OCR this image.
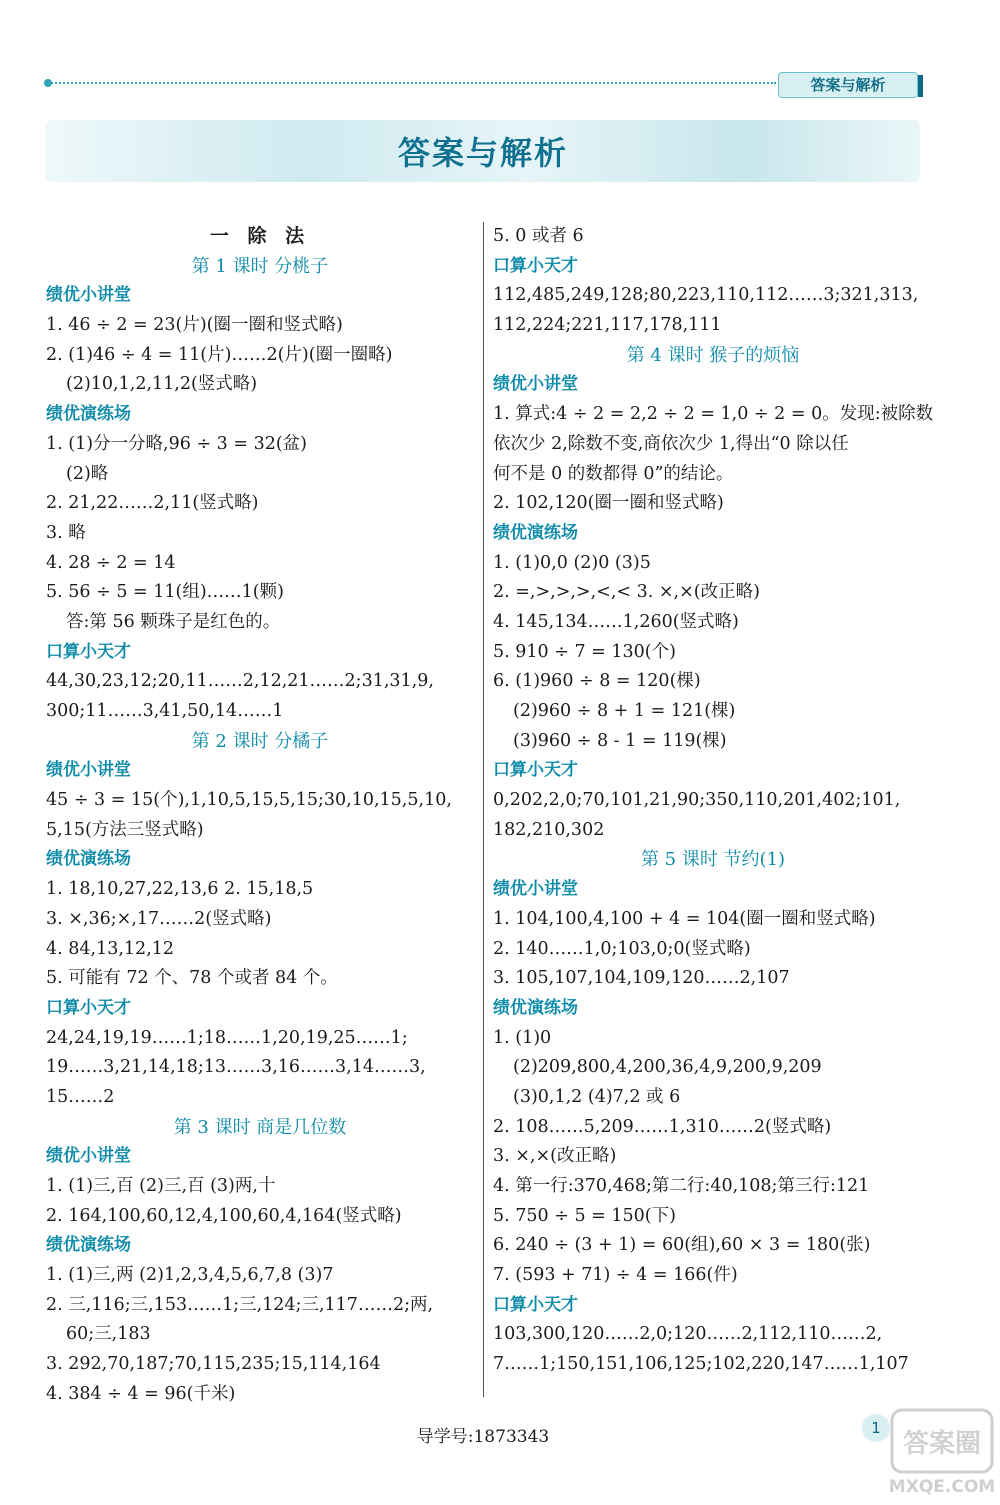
答案与解析
答案与解析
一 除 法
第 1 课时 分桃子
绩优小讲堂
1. 46 ÷ 2 = 23(片)(圈一圈和竖式略)
2. (1)46 ÷ 4 = 11(片)……2(片)(圈一圈略)
(2)10,1,2,11,2(竖式略)
绩优演练场
1. (1)分一分略,96 ÷ 3 = 32(盆)
(2)略
2. 21,22……2,11(竖式略)
3. 略
4. 28 ÷ 2 = 14
5. 56 ÷ 5 = 11(组)……1(颗)
答:第 56 颗珠子是红色的。
口算小天才
44,30,23,12;20,11……2,12,21……2;31,31,9,
300;11……3,41,50,14……1
第 2 课时 分橘子
绩优小讲堂
45 ÷ 3 = 15(个),1,10,5,15,5,15;30,10,15,5,10,
5,15(方法三竖式略)
绩优演练场
1. 18,10,27,22,13,6 2. 15,18,5
3. ×,36;×,17……2(竖式略)
4. 84,13,12,12
5. 可能有 72 个、78 个或者 84 个。
口算小天才
24,24,19,19……1;18……1,20,19,25……1;
19……3,21,14,18;13……3,16……3,14……3,
15……2
第 3 课时 商是几位数
绩优小讲堂
1. (1)三,百 (2)三,百 (3)两,十
2. 164,100,60,12,4,100,60,4,164(竖式略)
绩优演练场
1. (1)三,两 (2)1,2,3,4,5,6,7,8 (3)7
2. 三,116;三,153……1;三,124;三,117……2;两,
60;三,183
3. 292,70,187;70,115,235;15,114,164
4. 384 ÷ 4 = 96(千米)
5. 0 或者 6
口算小天才
112,485,249,128;80,223,110,112……3;321,313,
112,224;221,117,178,111
第 4 课时 猴子的烦恼
绩优小讲堂
1. 算式:4 ÷ 2 = 2,2 ÷ 2 = 1,0 ÷ 2 = 0。发现:被除数
依次少 2,除数不变,商依次少 1,得出“0 除以任
何不是 0 的数都得 0”的结论。
2. 102,120(圈一圈和竖式略)
绩优演练场
1. (1)0,0 (2)0 (3)5
2. =,>,>,>,<,< 3. ×,×(改正略)
4. 145,134……1,260(竖式略)
5. 910 ÷ 7 = 130(个)
6. (1)960 ÷ 8 = 120(棵)
(2)960 ÷ 8 + 1 = 121(棵)
(3)960 ÷ 8 - 1 = 119(棵)
口算小天才
0,202,2,0;70,101,21,90;350,110,201,402;101,
182,210,302
第 5 课时 节约(1)
绩优小讲堂
1. 104,100,4,100 + 4 = 104(圈一圈和竖式略)
2. 140……1,0;103,0;0(竖式略)
3. 105,107,104,109,120……2,107
绩优演练场
1. (1)0
(2)209,800,4,200,36,4,9,200,9,209
(3)0,1,2 (4)7,2 或 6
2. 108……5,209……1,310……2(竖式略)
3. ×,×(改正略)
4. 第一行:370,468;第二行:40,108;第三行:121
5. 750 ÷ 5 = 150(下)
6. 240 ÷ (3 + 1) = 60(组),60 × 3 = 180(张)
7. (593 + 71) ÷ 4 = 166(件)
口算小天才
103,300,120……2,0;120……2,112,110……2,
7……1;150,151,106,125;102,220,147……1,107
导学号:1873343	1
答案圈
MXQE.COM
